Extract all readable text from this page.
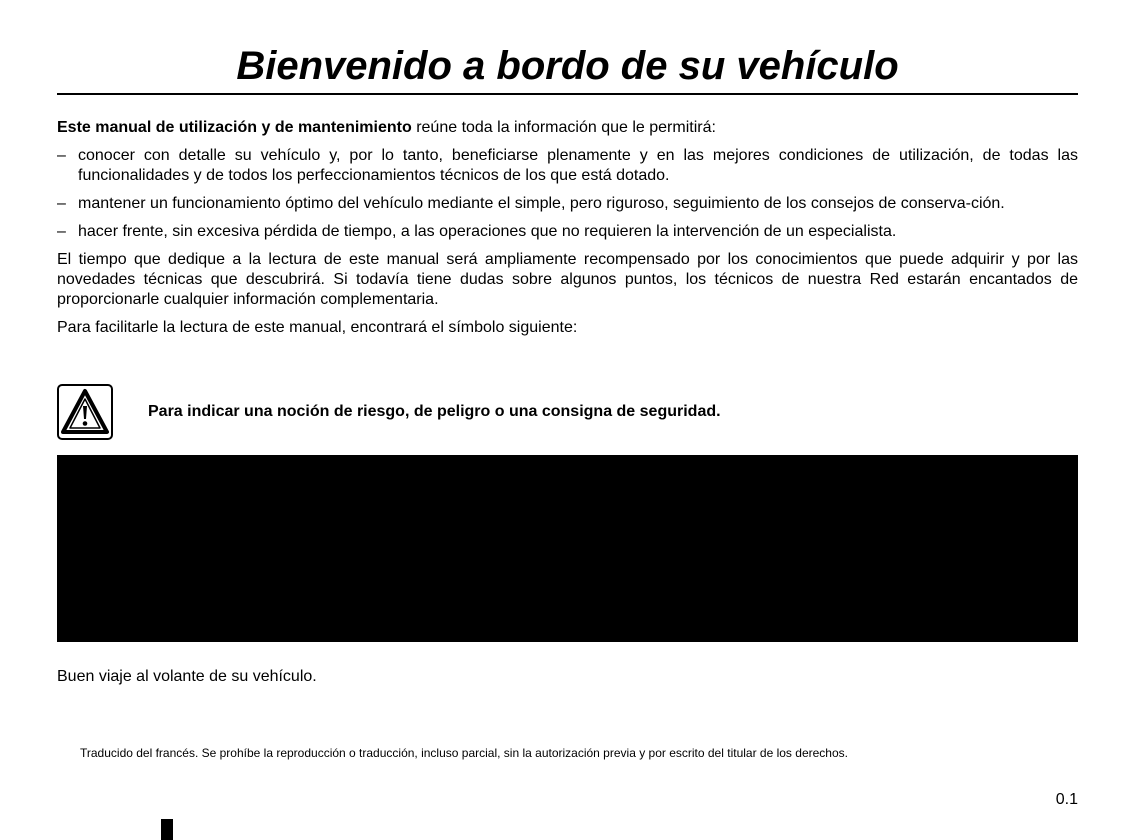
Bienvenido a bordo de su vehículo

Este manual de utilización y de mantenimiento reúne toda la información que le permitirá:

– conocer con detalle su vehículo y, por lo tanto, beneficiarse plenamente y en las mejores condiciones de utilización, de todas las funcionalidades y de todos los perfeccionamientos técnicos de los que está dotado.
– mantener un funcionamiento óptimo del vehículo mediante el simple, pero riguroso, seguimiento de los consejos de conserva-ción.
– hacer frente, sin excesiva pérdida de tiempo, a las operaciones que no requieren la intervención de un especialista.

El tiempo que dedique a la lectura de este manual será ampliamente recompensado por los conocimientos que puede adquirir y por las novedades técnicas que descubrirá. Si todavía tiene dudas sobre algunos puntos, los técnicos de nuestra Red estarán encantados de proporcionarle cualquier información complementaria.

Para facilitarle la lectura de este manual, encontrará el símbolo siguiente:

Para indicar una noción de riesgo, de peligro o una consigna de seguridad.
Buen viaje al volante de su vehículo.
Traducido del francés. Se prohíbe la reproducción o traducción, incluso parcial, sin la autorización previa y por escrito del titular de los derechos.
0.1
